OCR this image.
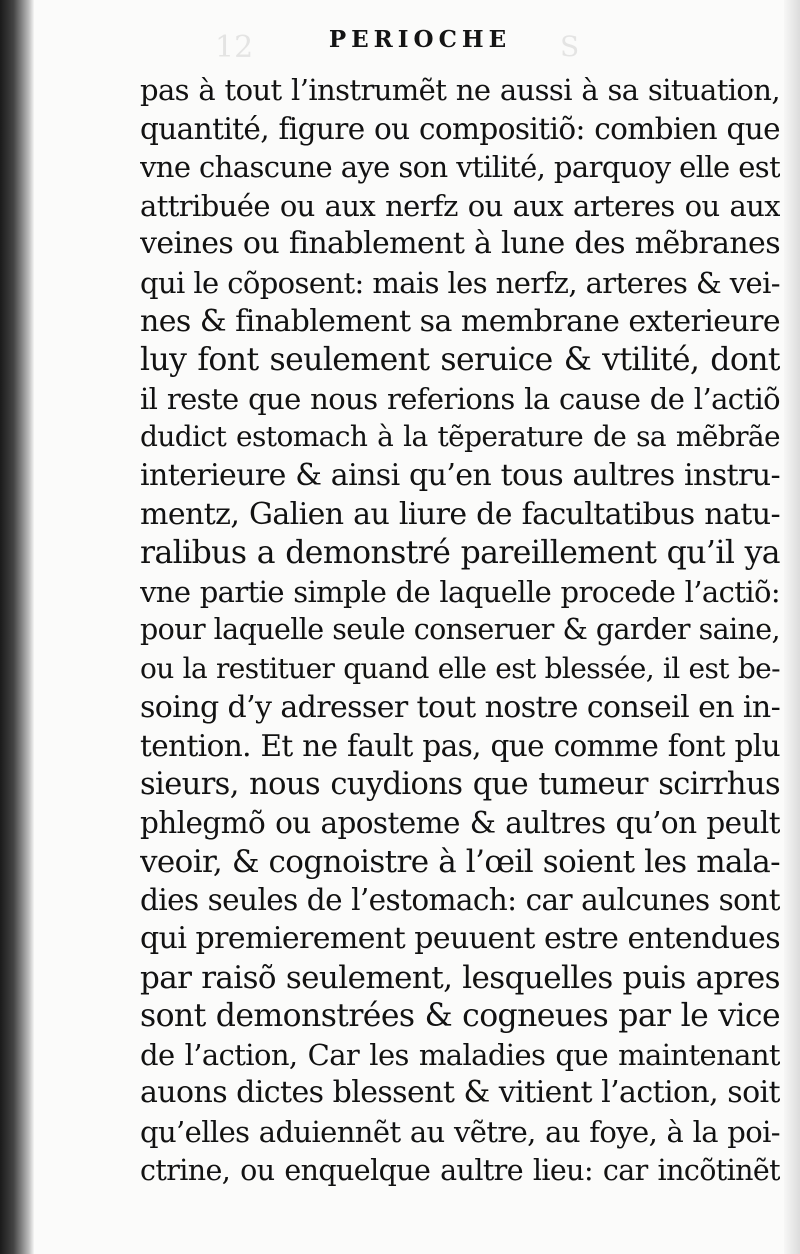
12	S
PERIOCHE
pas à tout l’instrumẽt ne aussi à sa situation,
quantité, figure ou compositiõ: combien que
vne chascune aye son vtilité, parquoy elle est
attribuée ou aux nerfz ou aux arteres ou aux
veines ou finablement à lune des mẽbranes
qui le cõposent: mais les nerfz, arteres & vei-
nes & finablement sa membrane exterieure
luy font seulement seruice & vtilité, dont
il reste que nous referions la cause de l’actiõ
dudict estomach à la tẽperature de sa mẽbrãe
interieure & ainsi qu’en tous aultres instru-
mentz, Galien au liure de facultatibus natu-
ralibus a demonstré pareillement qu’il ya
vne partie simple de laquelle procede l’actiõ:
pour laquelle seule conseruer & garder saine,
ou la restituer quand elle est blessée, il est be-
soing d’y adresser tout nostre conseil en in-
tention. Et ne fault pas, que comme font plu
sieurs, nous cuydions que tumeur scirrhus
phlegmõ ou aposteme & aultres qu’on peult
veoir, & cognoistre à l’œil soient les mala-
dies seules de l’estomach: car aulcunes sont
qui premierement peuuent estre entendues
par raisõ seulement, lesquelles puis apres
sont demonstrées & cogneues par le vice
de l’action, Car les maladies que maintenant
auons dictes blessent & vitient l’action, soit
qu’elles aduiennẽt au vẽtre, au foye, à la poi-
ctrine, ou enquelque aultre lieu: car incõtinẽt
